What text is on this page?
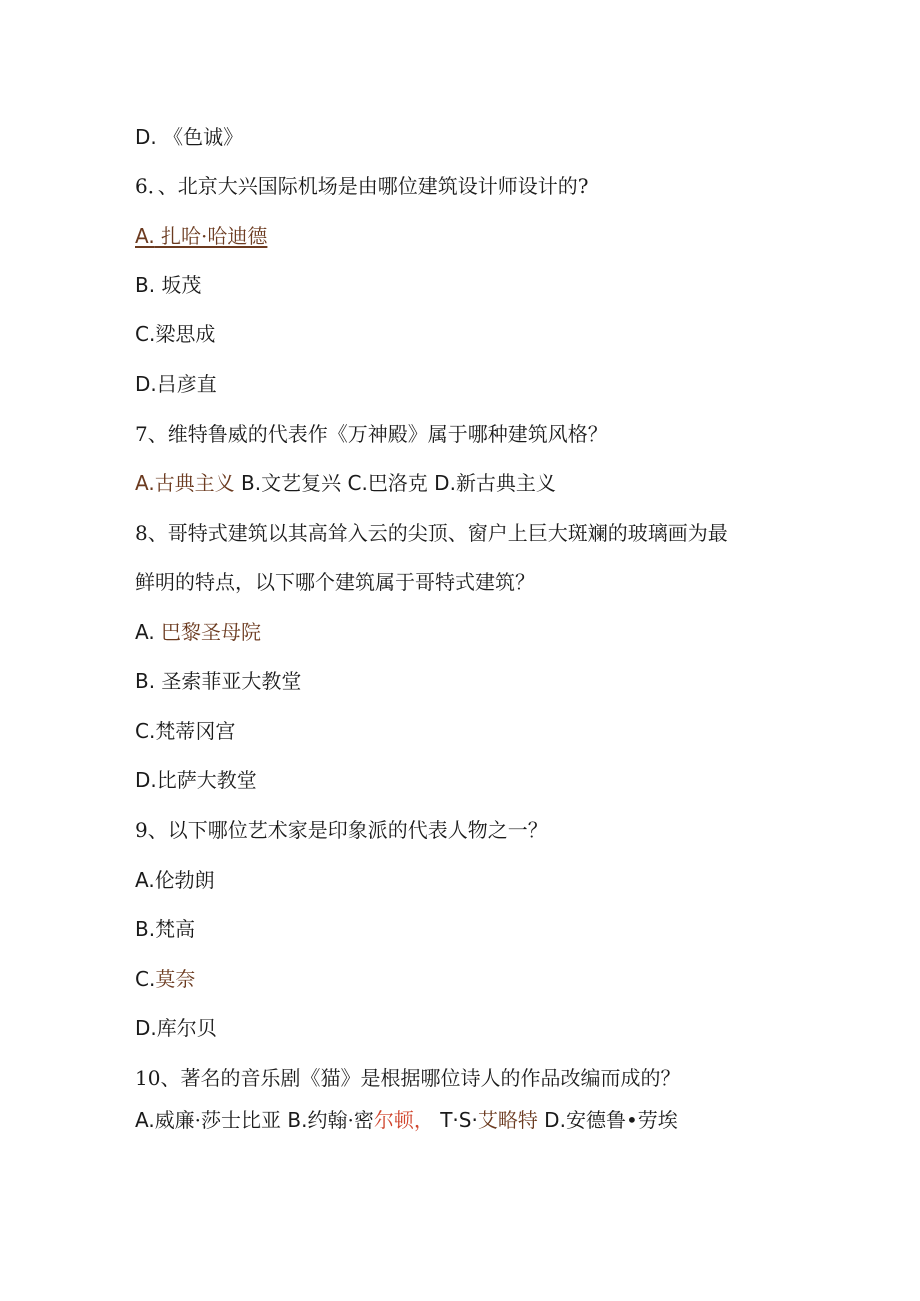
D. 《色诚》
6．、北京大兴国际机场是由哪位建筑设计师设计的?
A. 扎哈·哈迪德
B. 坂茂
C.梁思成
D.吕彦直
7、维特鲁威的代表作《万神殿》属于哪种建筑风格？
A.古典主义 B.文艺复兴 C.巴洛克 D.新古典主义
8、哥特式建筑以其高耸入云的尖顶、窗户上巨大斑斓的玻璃画为最
鲜明的特点，以下哪个建筑属于哥特式建筑？
A. 巴黎圣母院
B. 圣索菲亚大教堂
C.梵蒂冈宫
D.比萨大教堂
9、以下哪位艺术家是印象派的代表人物之一？
A.伦勃朗
B.梵高
C.莫奈
D.库尔贝
10、著名的音乐剧《猫》是根据哪位诗人的作品改编而成的？
A.威廉·莎士比亚 B.约翰·密尔顿， T·S·艾略特 D.安德鲁•劳埃
